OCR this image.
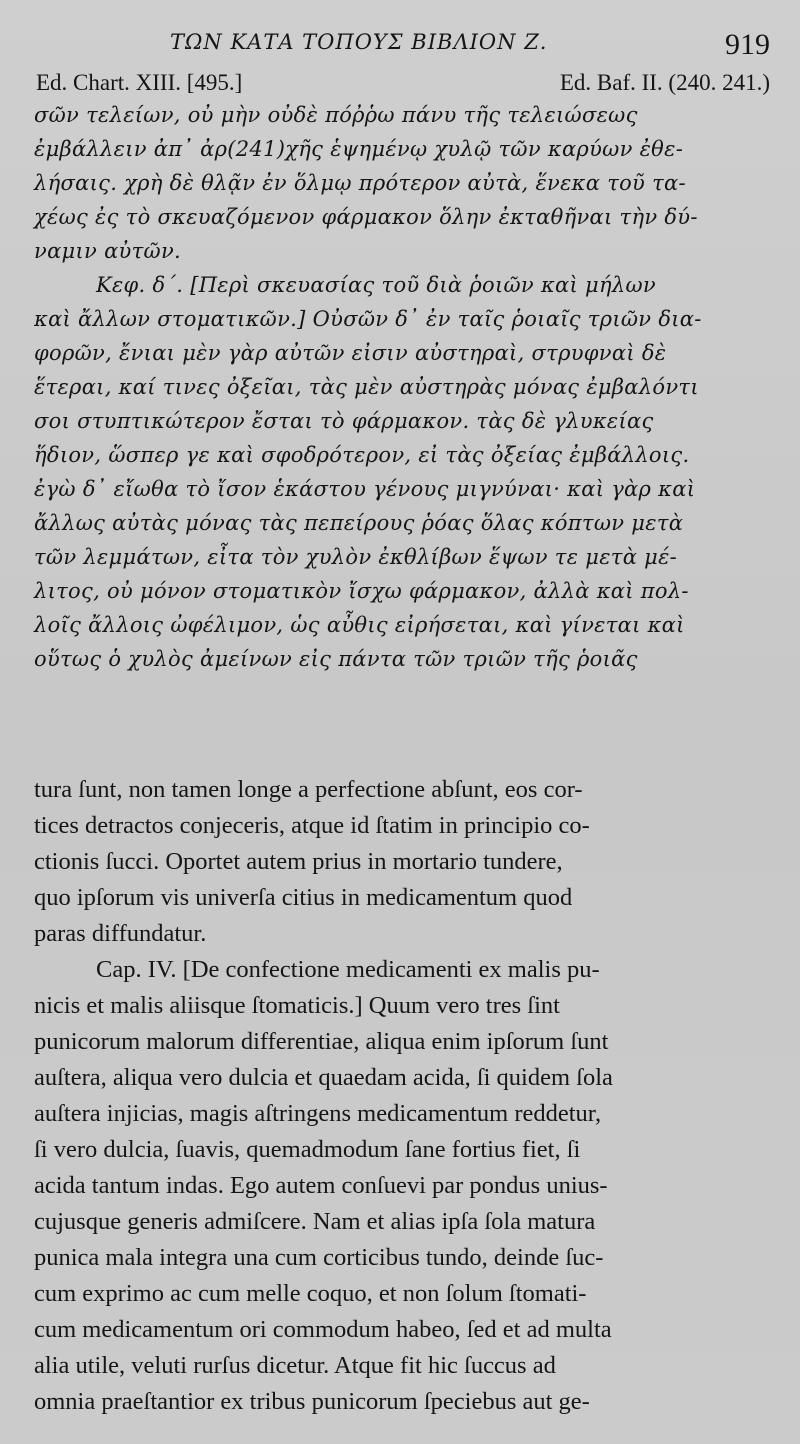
ΤΩΝ ΚΑΤΑ ΤΟΠΟΥΣ ΒΙΒΛΙΟΝ Ζ.	919
Ed. Chart. XIII. [495.]	Ed. Baf. II. (240. 241.)
σῶν τελείων, οὐ μὴν οὐδὲ πόῤῥω πάνυ τῆς τελειώσεως
ἐμβάλλειν ἀπ᾽ ἀρ(241)χῆς ἑψημένῳ χυλῷ τῶν καρύων ἐθε-
λήσαις. χρὴ δὲ θλᾷν ἐν ὅλμῳ πρότερον αὐτὰ, ἕνεκα τοῦ τα-
χέως ἐς τὸ σκευαζόμενον φάρμακον ὅλην ἐκταθῆναι τὴν δύ-
ναμιν αὐτῶν.
Κεφ. δ΄. [Περὶ σκευασίας τοῦ διὰ ῥοιῶν καὶ μήλων
καὶ ἄλλων στοματικῶν.] Οὐσῶν δ᾽ ἐν ταῖς ῥοιαῖς τριῶν δια-
φορῶν, ἔνιαι μὲν γὰρ αὐτῶν εἰσιν αὐστηραὶ, στρυφναὶ δὲ
ἕτεραι, καί τινες ὀξεῖαι, τὰς μὲν αὐστηρὰς μόνας ἐμβαλόντι
σοι στυπτικώτερον ἔσται τὸ φάρμακον. τὰς δὲ γλυκείας
ἥδιον, ὥσπερ γε καὶ σφοδρότερον, εἰ τὰς ὀξείας ἐμβάλλοις.
ἐγὼ δ᾽ εἴωθα τὸ ἴσον ἑκάστου γένους μιγνύναι· καὶ γὰρ καὶ
ἄλλως αὐτὰς μόνας τὰς πεπείρους ῥόας ὅλας κόπτων μετὰ
τῶν λεμμάτων, εἶτα τὸν χυλὸν ἐκθλίβων ἕψων τε μετὰ μέ-
λιτος, οὐ μόνον στοματικὸν ἴσχω φάρμακον, ἀλλὰ καὶ πολ-
λοῖς ἄλλοις ὠφέλιμον, ὡς αὖθις εἰρήσεται, καὶ γίνεται καὶ
οὕτως ὁ χυλὸς ἀμείνων εἰς πάντα τῶν τριῶν τῆς ῥοιᾶς
tura ſunt, non tamen longe a perfectione abſunt, eos cor-
tices detractos conjeceris, atque id ſtatim in principio co-
ctionis ſucci. Oportet autem prius in mortario tundere,
quo ipſorum vis univerſa citius in medicamentum quod
paras diffundatur.
Cap. IV. [De confectione medicamenti ex malis pu-
nicis et malis aliisque ſtomaticis.] Quum vero tres ſint
punicorum malorum differentiae, aliqua enim ipſorum ſunt
auſtera, aliqua vero dulcia et quaedam acida, ſi quidem ſola
auſtera injicias, magis aſtringens medicamentum reddetur,
ſi vero dulcia, ſuavis, quemadmodum ſane fortius fiet, ſi
acida tantum indas. Ego autem conſuevi par pondus unius-
cujusque generis admiſcere. Nam et alias ipſa ſola matura
punica mala integra una cum corticibus tundo, deinde ſuc-
cum exprimo ac cum melle coquo, et non ſolum ſtomati-
cum medicamentum ori commodum habeo, ſed et ad multa
alia utile, veluti rurſus dicetur. Atque fit hic ſuccus ad
omnia praeſtantior ex tribus punicorum ſpeciebus aut ge-
